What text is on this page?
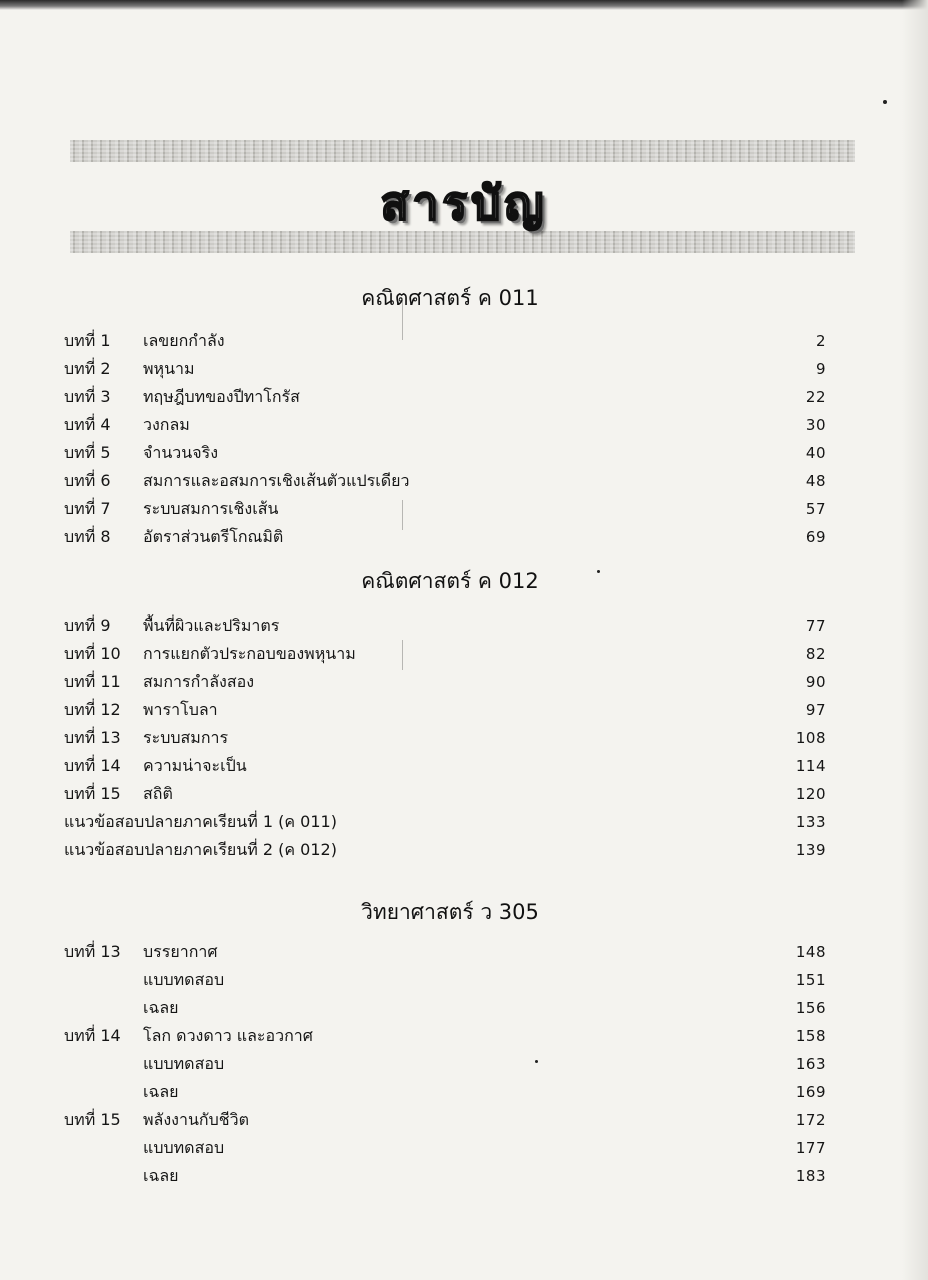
สารบัญ
คณิตศาสตร์ ค 011
บทที่ 1 เลขยกกำลัง	2
บทที่ 2 พหุนาม	9
บทที่ 3 ทฤษฎีบทของปีทาโกรัส	22
บทที่ 4 วงกลม	30
บทที่ 5 จำนวนจริง	40
บทที่ 6 สมการและอสมการเชิงเส้นตัวแปรเดียว	48
บทที่ 7 ระบบสมการเชิงเส้น	57
บทที่ 8 อัตราส่วนตรีโกณมิติ	69
คณิตศาสตร์ ค 012
บทที่ 9 พื้นที่ผิวและปริมาตร	77
บทที่ 10 การแยกตัวประกอบของพหุนาม	82
บทที่ 11 สมการกำลังสอง	90
บทที่ 12 พาราโบลา	97
บทที่ 13 ระบบสมการ	108
บทที่ 14 ความน่าจะเป็น	114
บทที่ 15 สถิติ	120
แนวข้อสอบปลายภาคเรียนที่ 1 (ค 011)	133
แนวข้อสอบปลายภาคเรียนที่ 2 (ค 012)	139
วิทยาศาสตร์ ว 305
บทที่ 13 บรรยากาศ	148
แบบทดสอบ	151
เฉลย	156
บทที่ 14 โลก ดวงดาว และอวกาศ	158
แบบทดสอบ	163
เฉลย	169
บทที่ 15 พลังงานกับชีวิต	172
แบบทดสอบ	177
เฉลย	183
